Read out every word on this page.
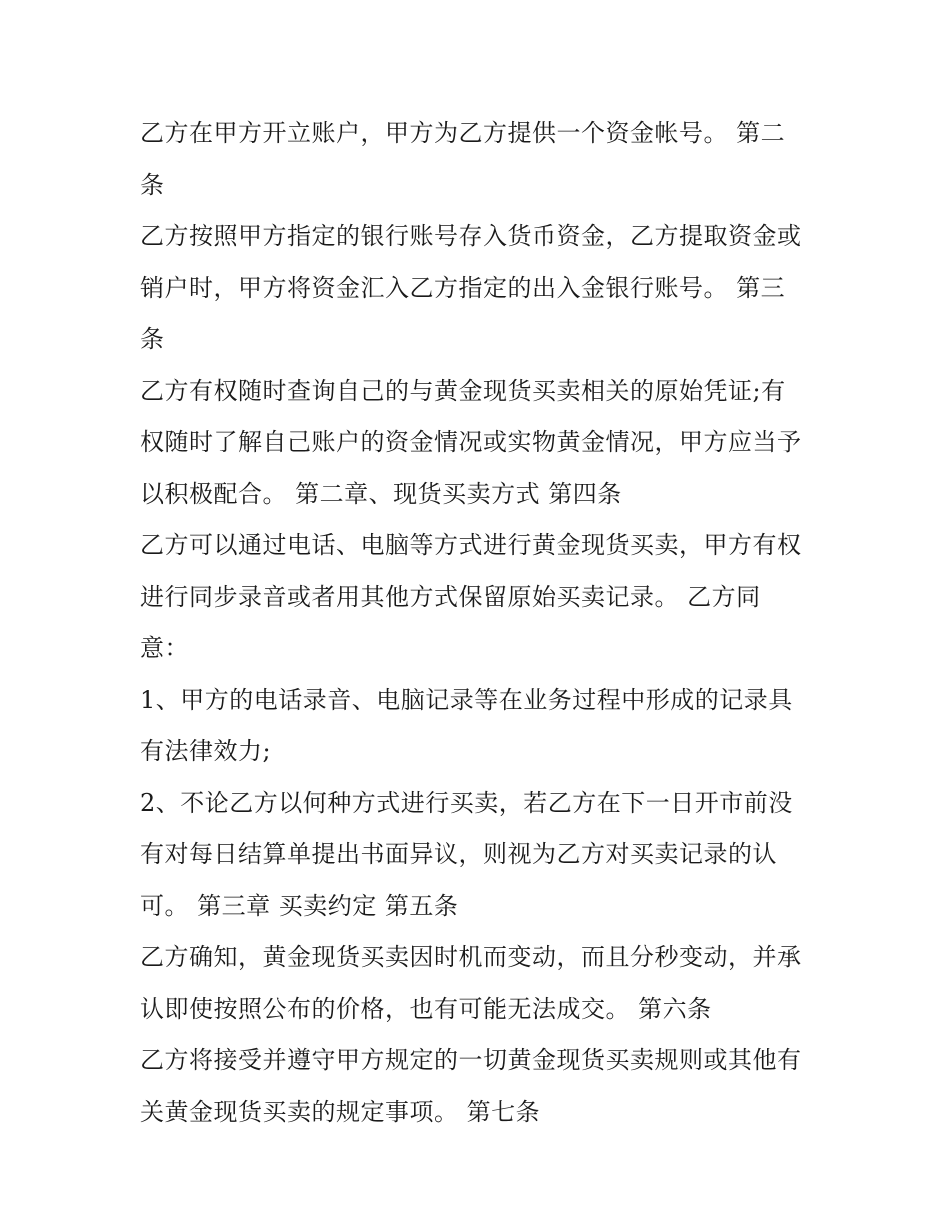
乙方在甲方开立账户，甲方为乙方提供一个资金帐号。 第二
条
乙方按照甲方指定的银行账号存入货币资金，乙方提取资金或
销户时，甲方将资金汇入乙方指定的出入金银行账号。 第三
条
乙方有权随时查询自己的与黄金现货买卖相关的原始凭证;有
权随时了解自己账户的资金情况或实物黄金情况，甲方应当予
以积极配合。 第二章、现货买卖方式 第四条
乙方可以通过电话、电脑等方式进行黄金现货买卖，甲方有权
进行同步录音或者用其他方式保留原始买卖记录。 乙方同
意：
1、甲方的电话录音、电脑记录等在业务过程中形成的记录具
有法律效力;
2、不论乙方以何种方式进行买卖，若乙方在下一日开市前没
有对每日结算单提出书面异议，则视为乙方对买卖记录的认
可。 第三章 买卖约定 第五条
乙方确知，黄金现货买卖因时机而变动，而且分秒变动，并承
认即使按照公布的价格，也有可能无法成交。 第六条
乙方将接受并遵守甲方规定的一切黄金现货买卖规则或其他有
关黄金现货买卖的规定事项。 第七条
